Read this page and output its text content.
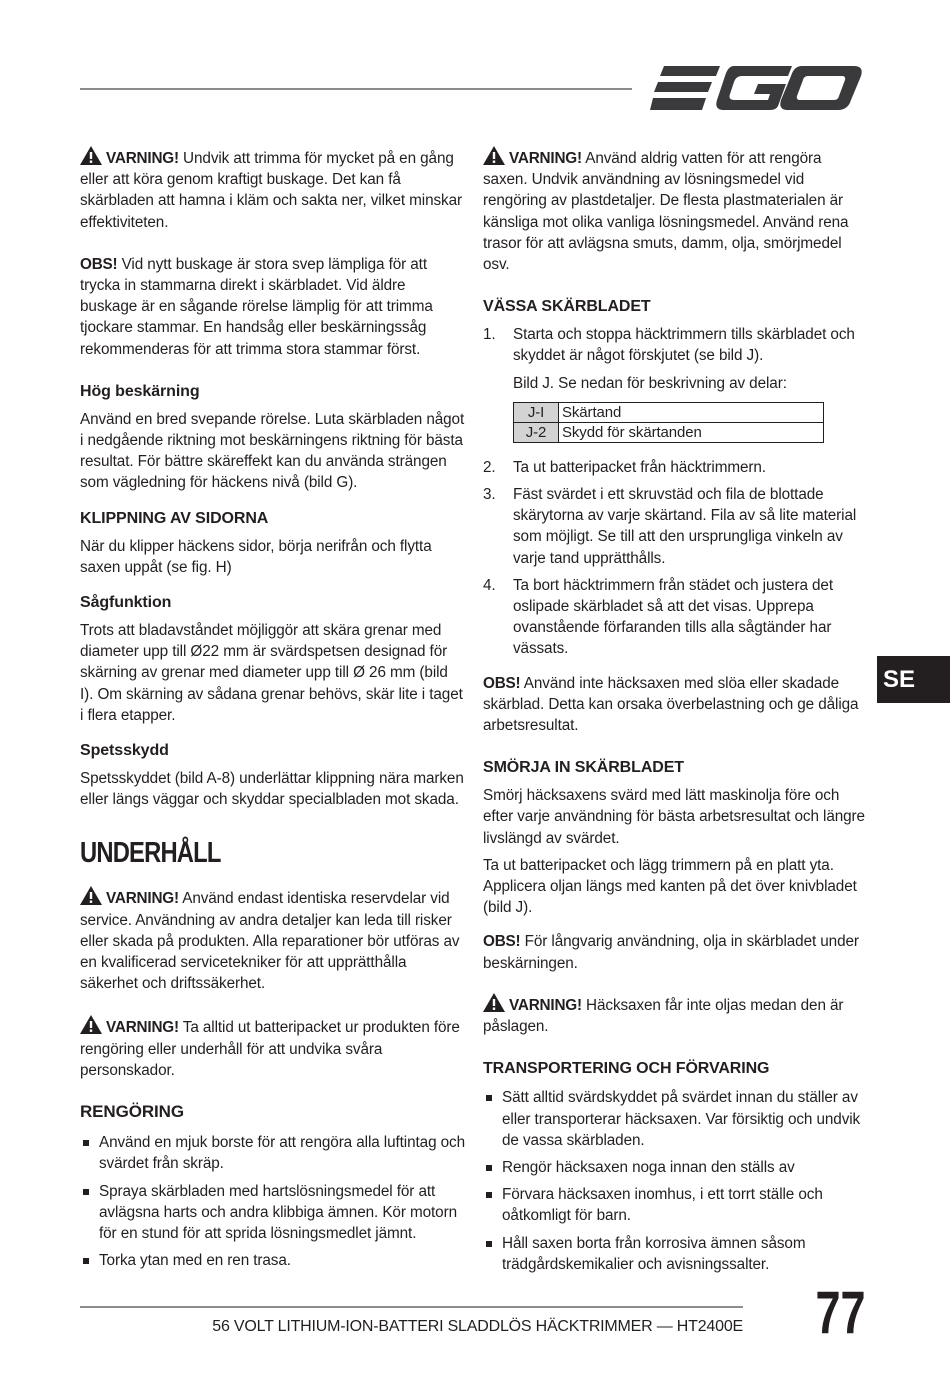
VARNING! Undvik att trimma för mycket på en gång eller att köra genom kraftigt buskage. Det kan få skärbladen att hamna i kläm och sakta ner, vilket minskar effektiviteten.

OBS! Vid nytt buskage är stora svep lämpliga för att trycka in stammarna direkt i skärbladet. Vid äldre buskage är en sågande rörelse lämplig för att trimma tjockare stammar. En handsåg eller beskärningssåg rekommenderas för att trimma stora stammar först.

Hög beskärning

Använd en bred svepande rörelse. Luta skärbladen något i nedgående riktning mot beskärningens riktning för bästa resultat. För bättre skäreffekt kan du använda strängen som vägledning för häckens nivå (bild G).

KLIPPNING AV SIDORNA

När du klipper häckens sidor, börja nerifrån och flytta saxen uppåt (se fig. H)

Sågfunktion

Trots att bladavståndet möjliggör att skära grenar med diameter upp till Ø22 mm är svärdspetsen designad för skärning av grenar med diameter upp till Ø 26 mm (bild I). Om skärning av sådana grenar behövs, skär lite i taget i flera etapper.

Spetsskydd

Spetsskyddet (bild A-8) underlättar klippning nära marken eller längs väggar och skyddar specialbladen mot skada.

UNDERHÅLL

VARNING! Använd endast identiska reservdelar vid service. Användning av andra detaljer kan leda till risker eller skada på produkten. Alla reparationer bör utföras av en kvalificerad servicetekniker för att upprätthålla säkerhet och driftssäkerhet.

VARNING! Ta alltid ut batteripacket ur produkten före rengöring eller underhåll för att undvika svåra personskador.

RENGÖRING
Använd en mjuk borste för att rengöra alla luftintag och svärdet från skräp.
Spraya skärbladen med hartslösningsmedel för att avlägsna harts och andra klibbiga ämnen. Kör motorn för en stund för att sprida lösningsmedlet jämnt.
Torka ytan med en ren trasa.

VARNING! Använd aldrig vatten för att rengöra saxen. Undvik användning av lösningsmedel vid rengöring av plastdetaljer. De flesta plastmaterialen är känsliga mot olika vanliga lösningsmedel. Använd rena trasor för att avlägsna smuts, damm, olja, smörjmedel osv.

VÄSSA SKÄRBLADET
1. Starta och stoppa häcktrimmern tills skärbladet och skyddet är något förskjutet (se bild J).

Bild J. Se nedan för beskrivning av delar:

J-I	Skärtand
J-2	Skydd för skärtanden
2. Ta ut batteripacket från häcktrimmern.
3. Fäst svärdet i ett skruvstäd och fila de blottade skärytorna av varje skärtand. Fila av så lite material som möjligt. Se till att den ursprungliga vinkeln av varje tand upprätthålls.
4. Ta bort häcktrimmern från städet och justera det oslipade skärbladet så att det visas. Upprepa ovanstående förfaranden tills alla sågtänder har vässats.

OBS! Använd inte häcksaxen med slöa eller skadade skärblad. Detta kan orsaka överbelastning och ge dåliga arbetsresultat.

SMÖRJA IN SKÄRBLADET

Smörj häcksaxens svärd med lätt maskinolja före och efter varje användning för bästa arbetsresultat och längre livslängd av svärdet.

Ta ut batteripacket och lägg trimmern på en platt yta. Applicera oljan längs med kanten på det över knivbladet (bild J).

OBS! För långvarig användning, olja in skärbladet under beskärningen.

VARNING! Häcksaxen får inte oljas medan den är påslagen.

TRANSPORTERING OCH FÖRVARING
Sätt alltid svärdskyddet på svärdet innan du ställer av eller transporterar häcksaxen. Var försiktig och undvik de vassa skärbladen.
Rengör häcksaxen noga innan den ställs av
Förvara häcksaxen inomhus, i ett torrt ställe och oåtkomligt för barn.
Håll saxen borta från korrosiva ämnen såsom trädgårdskemikalier och avisningssalter.
SE
56 VOLT LITHIUM-ION-BATTERI SLADDLÖS HÄCKTRIMMER — HT2400E 77
